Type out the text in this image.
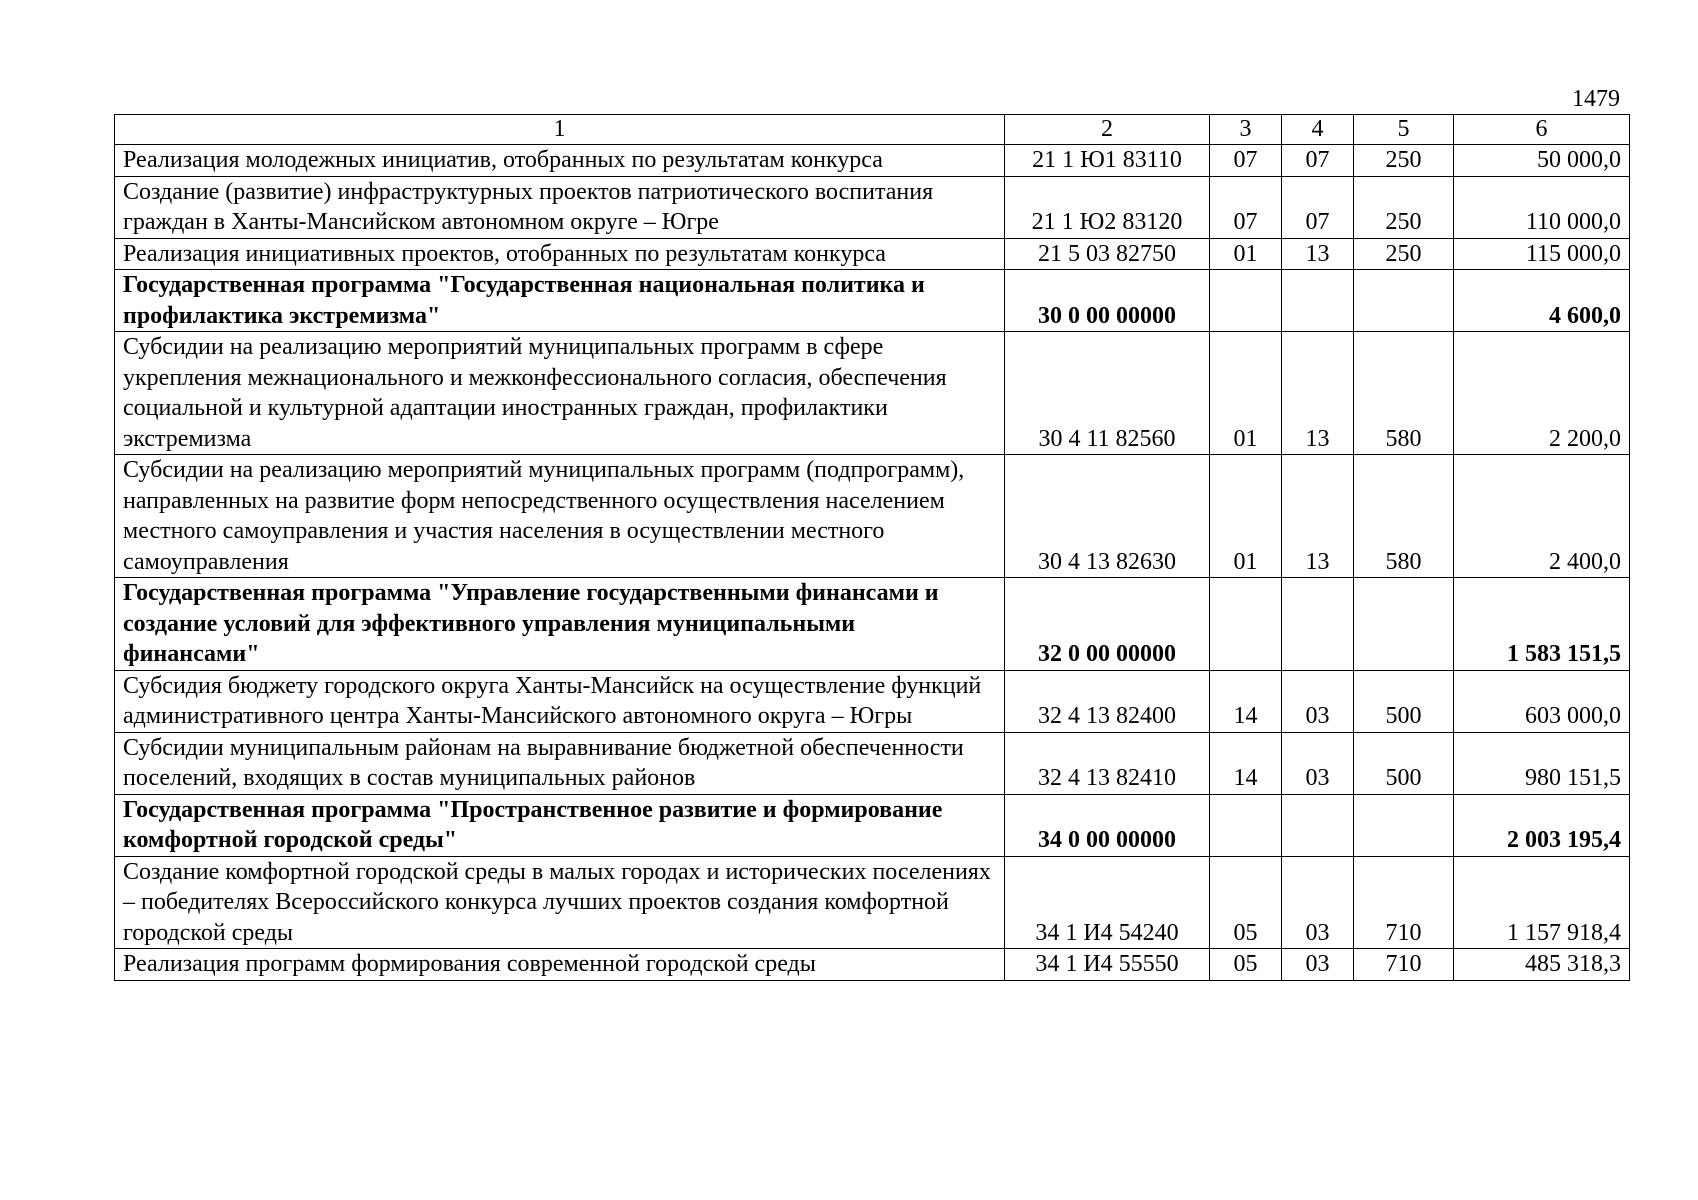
1479
1	2	3	4	5	6
Реализация молодежных инициатив, отобранных по результатам конкурса	21 1 Ю1 83110	07	07	250	50 000,0
Создание (развитие) инфраструктурных проектов патриотического воспитания граждан в Ханты-Мансийском автономном округе – Югре	21 1 Ю2 83120	07	07	250	110 000,0
Реализация инициативных проектов, отобранных по результатам конкурса	21 5 03 82750	01	13	250	115 000,0
Государственная программа "Государственная национальная политика и профилактика экстремизма"	30 0 00 00000				4 600,0
Субсидии на реализацию мероприятий муниципальных программ в сфере укрепления межнационального и межконфессионального согласия, обеспечения социальной и культурной адаптации иностранных граждан, профилактики экстремизма	30 4 11 82560	01	13	580	2 200,0
Субсидии на реализацию мероприятий муниципальных программ (подпрограмм), направленных на развитие форм непосредственного осуществления населением местного самоуправления и участия населения в осуществлении местного самоуправления	30 4 13 82630	01	13	580	2 400,0
Государственная программа "Управление государственными финансами и создание условий для эффективного управления муниципальными финансами"	32 0 00 00000				1 583 151,5
Субсидия бюджету городского округа Ханты-Мансийск на осуществление функций административного центра Ханты-Мансийского автономного округа – Югры	32 4 13 82400	14	03	500	603 000,0
Субсидии муниципальным районам на выравнивание бюджетной обеспеченности поселений, входящих в состав муниципальных районов	32 4 13 82410	14	03	500	980 151,5
Государственная программа "Пространственное развитие и формирование комфортной городской среды"	34 0 00 00000				2 003 195,4
Создание комфортной городской среды в малых городах и исторических поселениях – победителях Всероссийского конкурса лучших проектов создания комфортной городской среды	34 1 И4 54240	05	03	710	1 157 918,4
Реализация программ формирования современной городской среды	34 1 И4 55550	05	03	710	485 318,3
